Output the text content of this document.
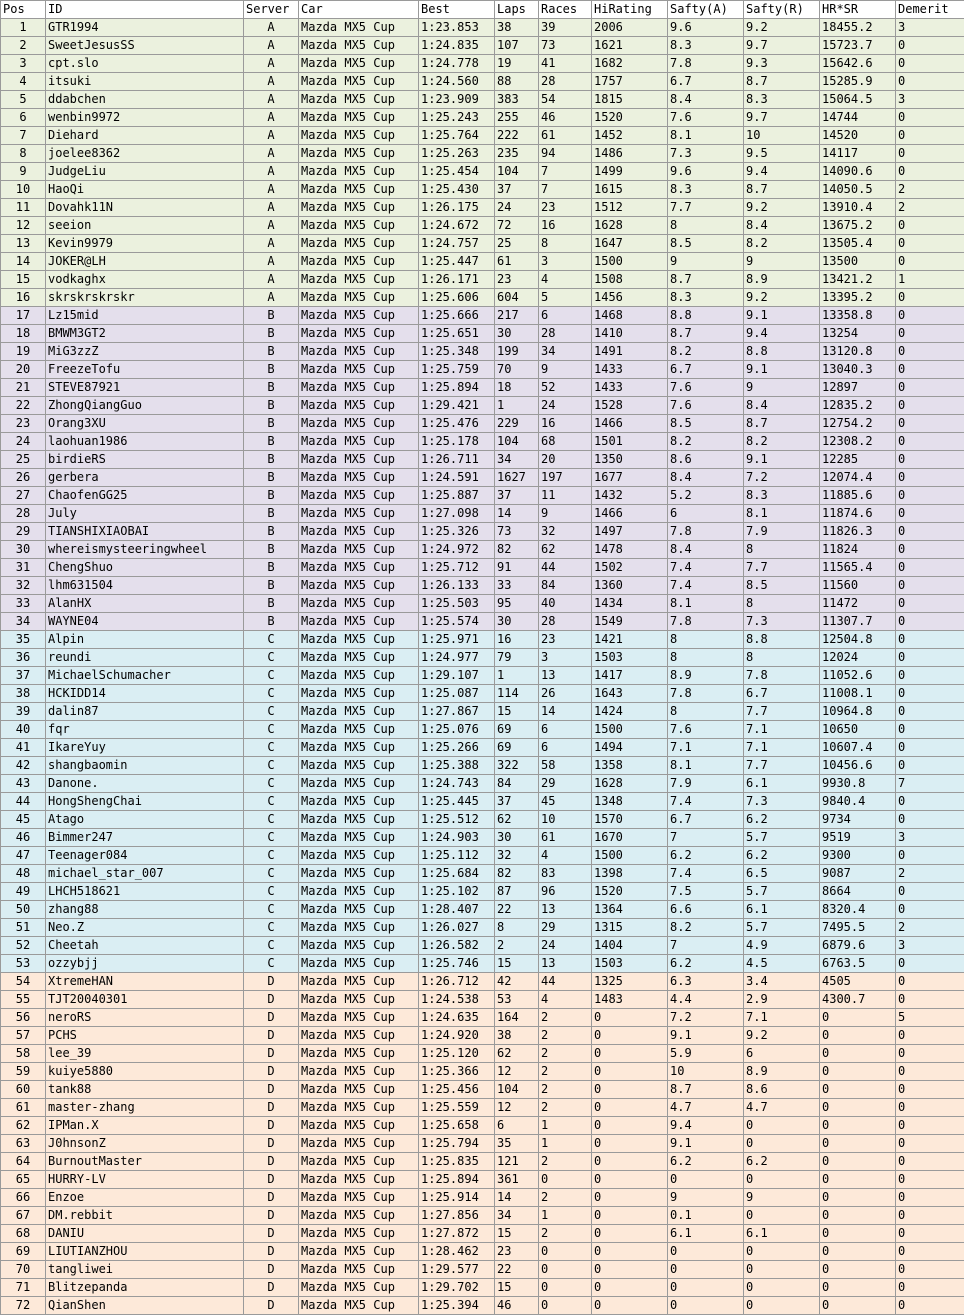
Pos	ID	Server	Car	Best	Laps	Races	HiRating	Safty(A)	Safty(R)	HR*SR	Demerit
1	GTR1994	A	Mazda MX5 Cup	1:23.853	38	39	2006	9.6	9.2	18455.2	3
2	SweetJesusSS	A	Mazda MX5 Cup	1:24.835	107	73	1621	8.3	9.7	15723.7	0
3	cpt.slo	A	Mazda MX5 Cup	1:24.778	19	41	1682	7.8	9.3	15642.6	0
4	itsuki	A	Mazda MX5 Cup	1:24.560	88	28	1757	6.7	8.7	15285.9	0
5	ddabchen	A	Mazda MX5 Cup	1:23.909	383	54	1815	8.4	8.3	15064.5	3
6	wenbin9972	A	Mazda MX5 Cup	1:25.243	255	46	1520	7.6	9.7	14744	0
7	Diehard	A	Mazda MX5 Cup	1:25.764	222	61	1452	8.1	10	14520	0
8	joelee8362	A	Mazda MX5 Cup	1:25.263	235	94	1486	7.3	9.5	14117	0
9	JudgeLiu	A	Mazda MX5 Cup	1:25.454	104	7	1499	9.6	9.4	14090.6	0
10	HaoQi	A	Mazda MX5 Cup	1:25.430	37	7	1615	8.3	8.7	14050.5	2
11	Dovahk11N	A	Mazda MX5 Cup	1:26.175	24	23	1512	7.7	9.2	13910.4	2
12	seeion	A	Mazda MX5 Cup	1:24.672	72	16	1628	8	8.4	13675.2	0
13	Kevin9979	A	Mazda MX5 Cup	1:24.757	25	8	1647	8.5	8.2	13505.4	0
14	JOKER@LH	A	Mazda MX5 Cup	1:25.447	61	3	1500	9	9	13500	0
15	vodkaghx	A	Mazda MX5 Cup	1:26.171	23	4	1508	8.7	8.9	13421.2	1
16	skrskrskrskr	A	Mazda MX5 Cup	1:25.606	604	5	1456	8.3	9.2	13395.2	0
17	Lz15mid	B	Mazda MX5 Cup	1:25.666	217	6	1468	8.8	9.1	13358.8	0
18	BMWM3GT2	B	Mazda MX5 Cup	1:25.651	30	28	1410	8.7	9.4	13254	0
19	MiG3zzZ	B	Mazda MX5 Cup	1:25.348	199	34	1491	8.2	8.8	13120.8	0
20	FreezeTofu	B	Mazda MX5 Cup	1:25.759	70	9	1433	6.7	9.1	13040.3	0
21	STEVE87921	B	Mazda MX5 Cup	1:25.894	18	52	1433	7.6	9	12897	0
22	ZhongQiangGuo	B	Mazda MX5 Cup	1:29.421	1	24	1528	7.6	8.4	12835.2	0
23	Orang3XU	B	Mazda MX5 Cup	1:25.476	229	16	1466	8.5	8.7	12754.2	0
24	laohuan1986	B	Mazda MX5 Cup	1:25.178	104	68	1501	8.2	8.2	12308.2	0
25	birdieRS	B	Mazda MX5 Cup	1:26.711	34	20	1350	8.6	9.1	12285	0
26	gerbera	B	Mazda MX5 Cup	1:24.591	1627	197	1677	8.4	7.2	12074.4	0
27	ChaofenGG25	B	Mazda MX5 Cup	1:25.887	37	11	1432	5.2	8.3	11885.6	0
28	July	B	Mazda MX5 Cup	1:27.098	14	9	1466	6	8.1	11874.6	0
29	TIANSHIXIAOBAI	B	Mazda MX5 Cup	1:25.326	73	32	1497	7.8	7.9	11826.3	0
30	whereismysteeringwheel	B	Mazda MX5 Cup	1:24.972	82	62	1478	8.4	8	11824	0
31	ChengShuo	B	Mazda MX5 Cup	1:25.712	91	44	1502	7.4	7.7	11565.4	0
32	lhm631504	B	Mazda MX5 Cup	1:26.133	33	84	1360	7.4	8.5	11560	0
33	AlanHX	B	Mazda MX5 Cup	1:25.503	95	40	1434	8.1	8	11472	0
34	WAYNE04	B	Mazda MX5 Cup	1:25.574	30	28	1549	7.8	7.3	11307.7	0
35	Alpin	C	Mazda MX5 Cup	1:25.971	16	23	1421	8	8.8	12504.8	0
36	reundi	C	Mazda MX5 Cup	1:24.977	79	3	1503	8	8	12024	0
37	MichaelSchumacher	C	Mazda MX5 Cup	1:29.107	1	13	1417	8.9	7.8	11052.6	0
38	HCKIDD14	C	Mazda MX5 Cup	1:25.087	114	26	1643	7.8	6.7	11008.1	0
39	dalin87	C	Mazda MX5 Cup	1:27.867	15	14	1424	8	7.7	10964.8	0
40	fqr	C	Mazda MX5 Cup	1:25.076	69	6	1500	7.6	7.1	10650	0
41	IkareYuy	C	Mazda MX5 Cup	1:25.266	69	6	1494	7.1	7.1	10607.4	0
42	shangbaomin	C	Mazda MX5 Cup	1:25.388	322	58	1358	8.1	7.7	10456.6	0
43	Danone.	C	Mazda MX5 Cup	1:24.743	84	29	1628	7.9	6.1	9930.8	7
44	HongShengChai	C	Mazda MX5 Cup	1:25.445	37	45	1348	7.4	7.3	9840.4	0
45	Atago	C	Mazda MX5 Cup	1:25.512	62	10	1570	6.7	6.2	9734	0
46	Bimmer247	C	Mazda MX5 Cup	1:24.903	30	61	1670	7	5.7	9519	3
47	Teenager084	C	Mazda MX5 Cup	1:25.112	32	4	1500	6.2	6.2	9300	0
48	michael_star_007	C	Mazda MX5 Cup	1:25.684	82	83	1398	7.4	6.5	9087	2
49	LHCH518621	C	Mazda MX5 Cup	1:25.102	87	96	1520	7.5	5.7	8664	0
50	zhang88	C	Mazda MX5 Cup	1:28.407	22	13	1364	6.6	6.1	8320.4	0
51	Neo.Z	C	Mazda MX5 Cup	1:26.027	8	29	1315	8.2	5.7	7495.5	2
52	Cheetah	C	Mazda MX5 Cup	1:26.582	2	24	1404	7	4.9	6879.6	3
53	ozzybjj	C	Mazda MX5 Cup	1:25.746	15	13	1503	6.2	4.5	6763.5	0
54	XtremeHAN	D	Mazda MX5 Cup	1:26.712	42	44	1325	6.3	3.4	4505	0
55	TJT20040301	D	Mazda MX5 Cup	1:24.538	53	4	1483	4.4	2.9	4300.7	0
56	neroRS	D	Mazda MX5 Cup	1:24.635	164	2	0	7.2	7.1	0	5
57	PCHS	D	Mazda MX5 Cup	1:24.920	38	2	0	9.1	9.2	0	0
58	lee_39	D	Mazda MX5 Cup	1:25.120	62	2	0	5.9	6	0	0
59	kuiye5880	D	Mazda MX5 Cup	1:25.366	12	2	0	10	8.9	0	0
60	tank88	D	Mazda MX5 Cup	1:25.456	104	2	0	8.7	8.6	0	0
61	master-zhang	D	Mazda MX5 Cup	1:25.559	12	2	0	4.7	4.7	0	0
62	IPMan.X	D	Mazda MX5 Cup	1:25.658	6	1	0	9.4	0	0	0
63	J0hnsonZ	D	Mazda MX5 Cup	1:25.794	35	1	0	9.1	0	0	0
64	BurnoutMaster	D	Mazda MX5 Cup	1:25.835	121	2	0	6.2	6.2	0	0
65	HURRY-LV	D	Mazda MX5 Cup	1:25.894	361	0	0	0	0	0	0
66	Enzoe	D	Mazda MX5 Cup	1:25.914	14	2	0	9	9	0	0
67	DM.rebbit	D	Mazda MX5 Cup	1:27.856	34	1	0	0.1	0	0	0
68	DANIU	D	Mazda MX5 Cup	1:27.872	15	2	0	6.1	6.1	0	0
69	LIUTIANZHOU	D	Mazda MX5 Cup	1:28.462	23	0	0	0	0	0	0
70	tangliwei	D	Mazda MX5 Cup	1:29.577	22	0	0	0	0	0	0
71	Blitzepanda	D	Mazda MX5 Cup	1:29.702	15	0	0	0	0	0	0
72	QianShen	D	Mazda MX5 Cup	1:25.394	46	0	0	0	0	0	0
